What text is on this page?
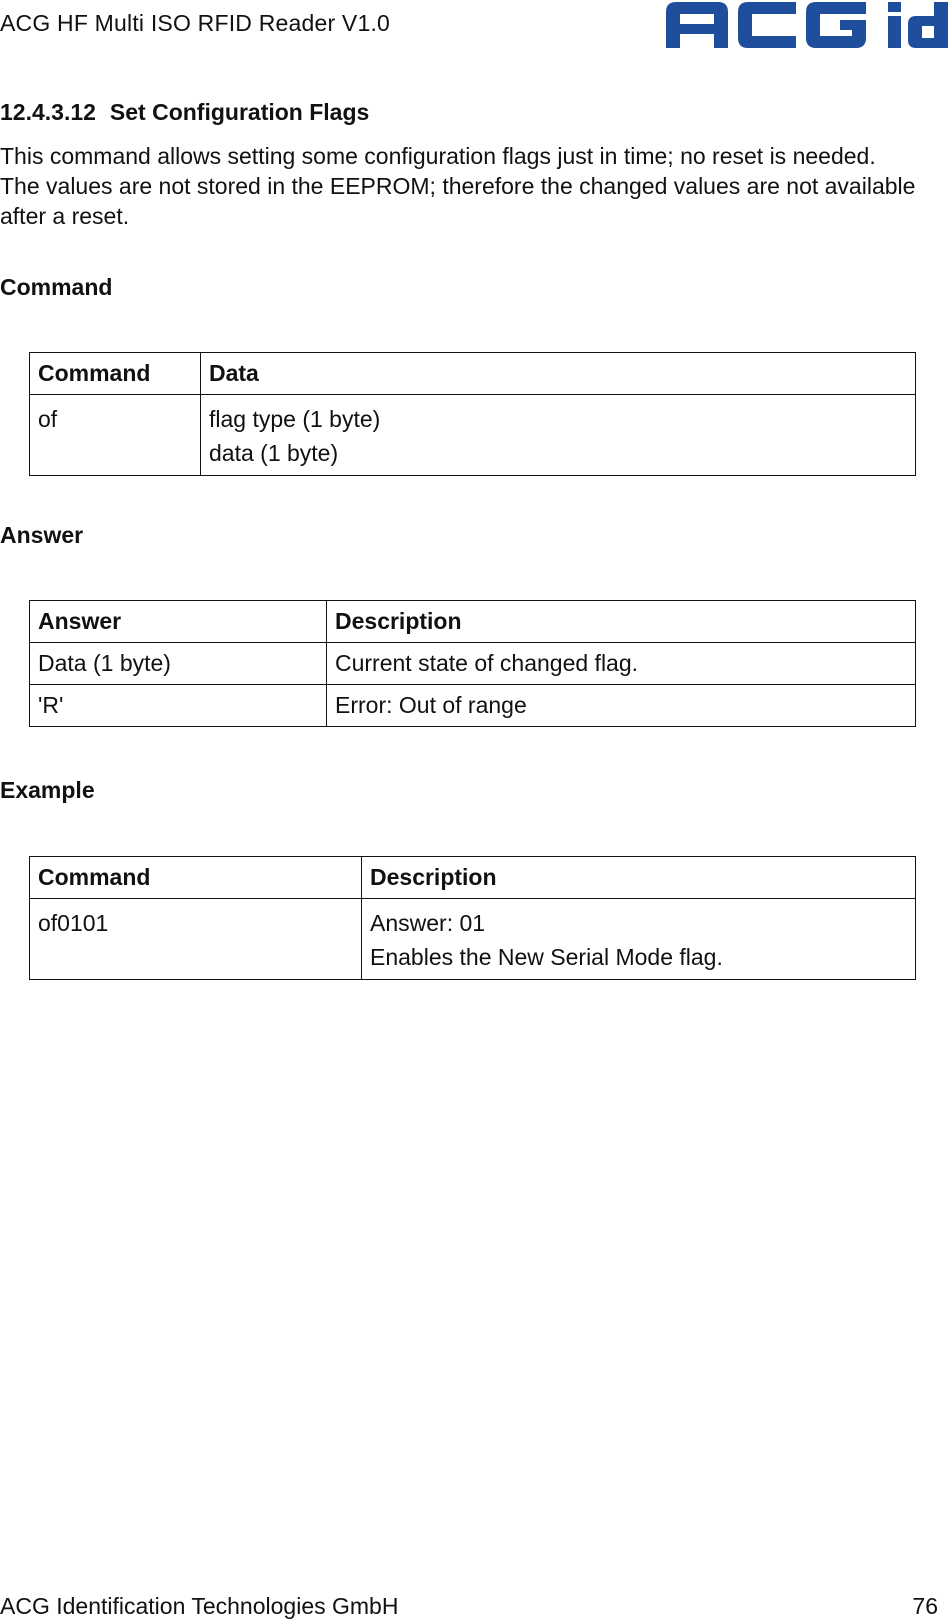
ACG HF Multi ISO RFID Reader V1.0
12.4.3.12 Set Configuration Flags
This command allows setting some configuration flags just in time; no reset is needed. The values are not stored in the EEPROM; therefore the changed values are not available after a reset.
Command
Command	Data

of	flag type (1 byte)
data (1 byte)
Answer
Answer	Description
Data (1 byte)	Current state of changed flag.
'R'	Error: Out of range
Example
Command	Description

of0101	Answer: 01
Enables the New Serial Mode flag.
ACG Identification Technologies GmbH	76
